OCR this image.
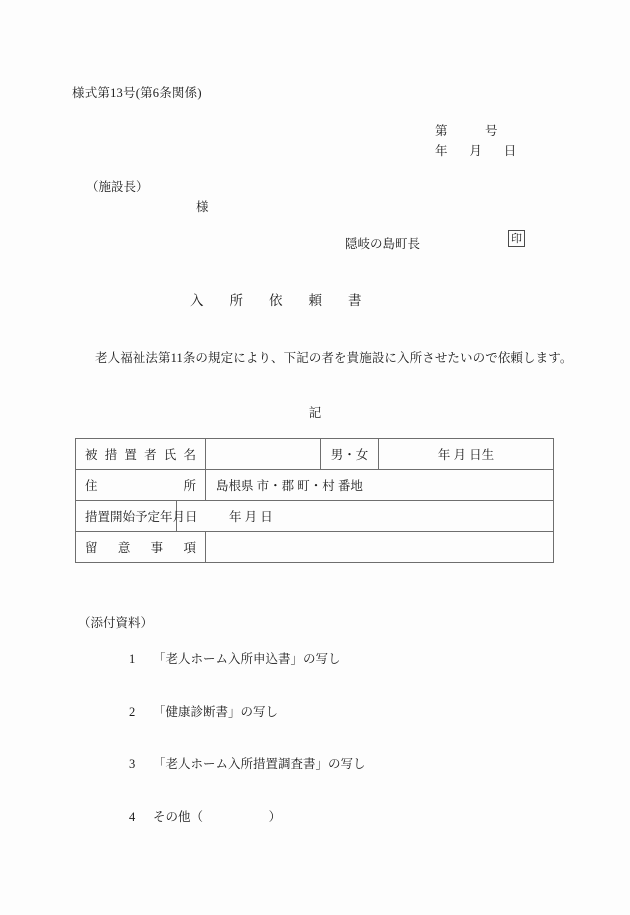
様式第13号(第6条関係)
第            号
年       月       日
（施設長）
様
隠岐の島町長	印
入所依頼書
老人福祉法第11条の規定により、下記の者を貴施設に入所させたいので依頼します。
記
被措置者氏名			男・女	年 月 日生

住所		島根県 市・郡 町・村 番地		

措置開始予定年月日	年 月 日			

留意事項				

（添付資料）

1 「老人ホーム入所申込書」の写し

2 「健康診断書」の写し

3 「老人ホーム入所措置調査書」の写し

4 その他（                     ）
